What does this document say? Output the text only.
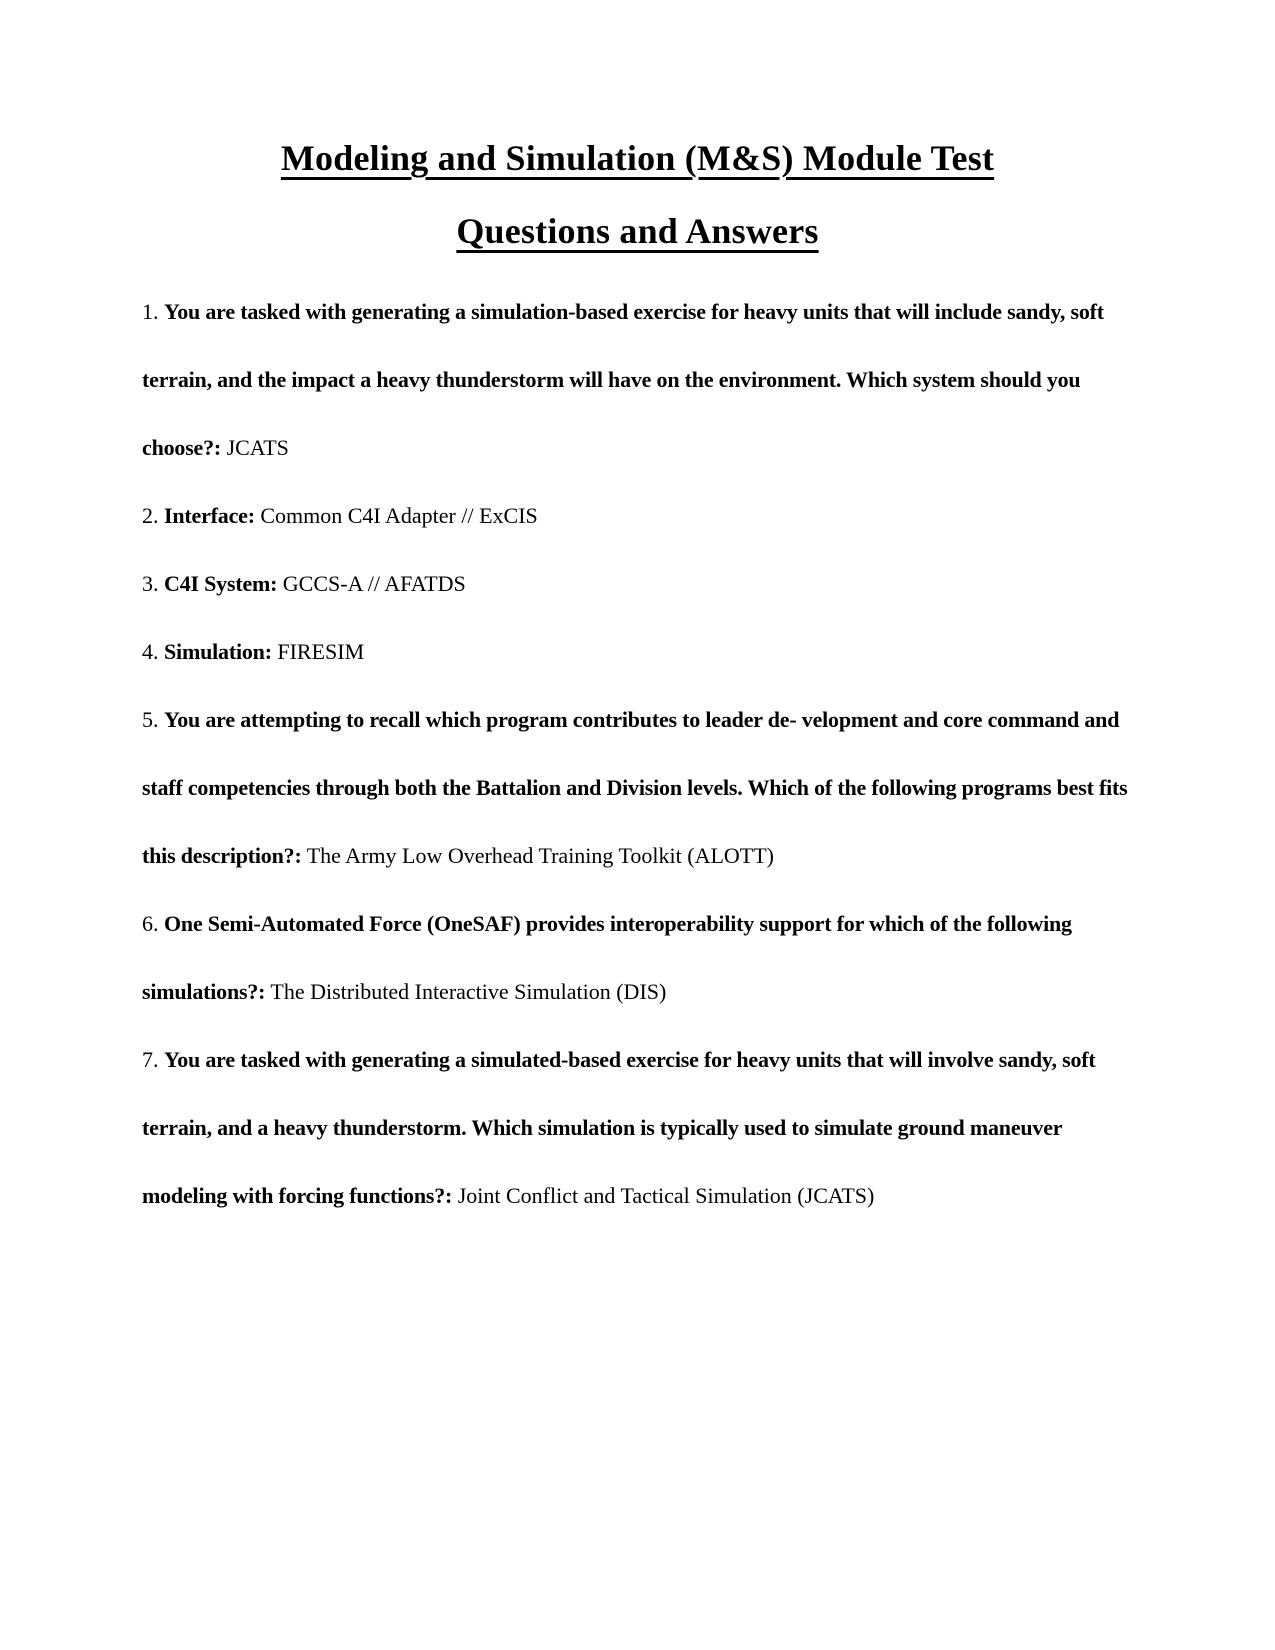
Modeling and Simulation (M&S) Module Test
Questions and Answers

1. You are tasked with generating a simulation-based exercise for heavy units that will include sandy, soft terrain, and the impact a heavy thunderstorm will have on the environment. Which system should you choose?: JCATS

2. Interface: Common C4I Adapter // ExCIS

3. C4I System: GCCS-A // AFATDS

4. Simulation: FIRESIM

5. You are attempting to recall which program contributes to leader de- velopment and core command and staff competencies through both the Battalion and Division levels. Which of the following programs best fits this description?: The Army Low Overhead Training Toolkit (ALOTT)

6. One Semi-Automated Force (OneSAF) provides interoperability support for which of the following simulations?: The Distributed Interactive Simulation (DIS)

7. You are tasked with generating a simulated-based exercise for heavy units that will involve sandy, soft terrain, and a heavy thunderstorm. Which simulation is typically used to simulate ground maneuver modeling with forcing functions?: Joint Conflict and Tactical Simulation (JCATS)
